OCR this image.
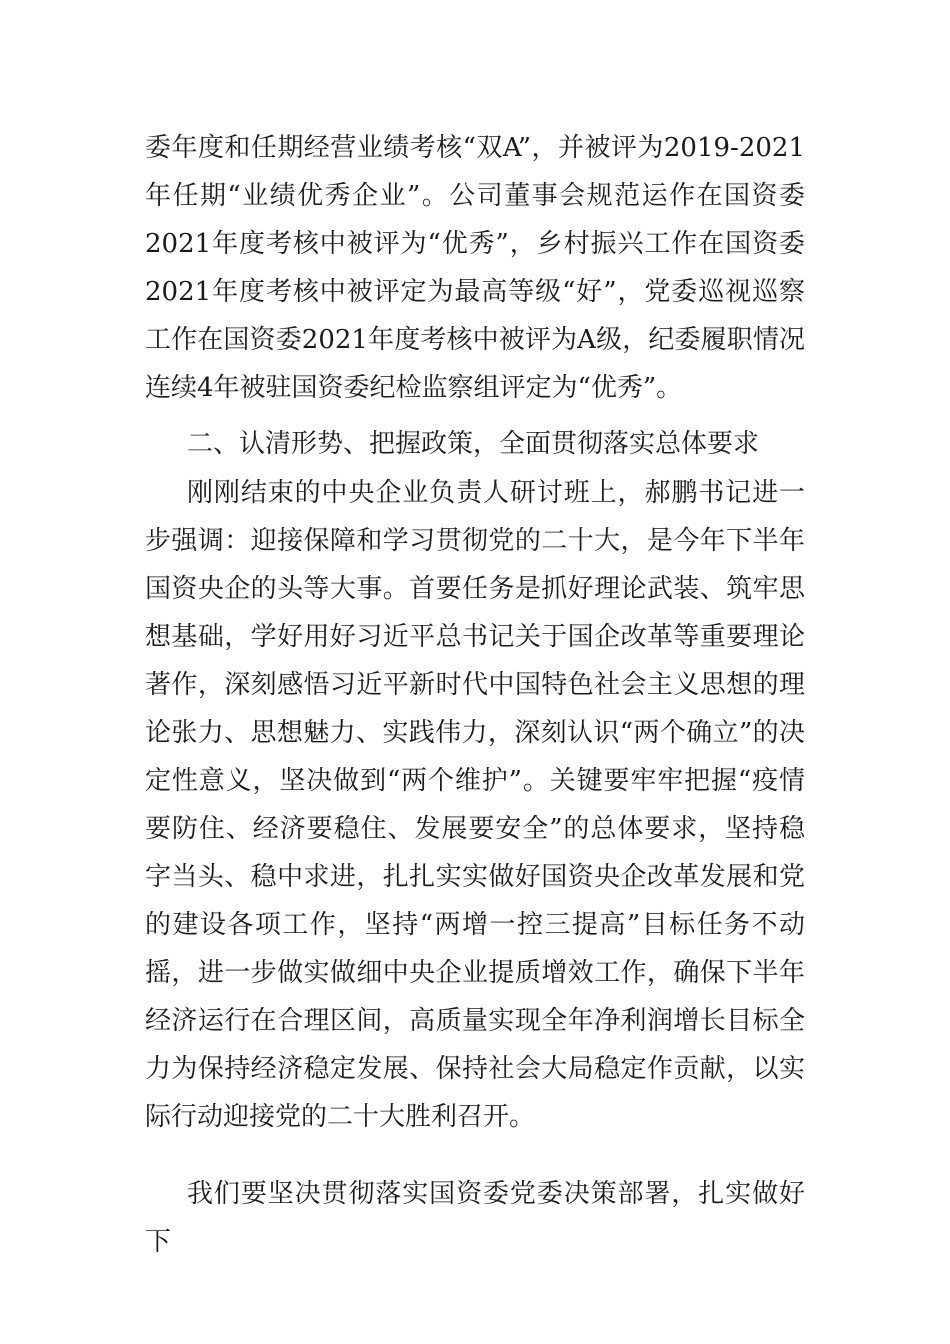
委年度和任期经营业绩考核“双A”，并被评为2019-2021年任期“业绩优秀企业”。公司董事会规范运作在国资委2021年度考核中被评为“优秀”，乡村振兴工作在国资委2021年度考核中被评定为最高等级“好”，党委巡视巡察工作在国资委2021年度考核中被评为A级，纪委履职情况连续4年被驻国资委纪检监察组评定为“优秀”。

二、认清形势、把握政策，全面贯彻落实总体要求

刚刚结束的中央企业负责人研讨班上，郝鹏书记进一步强调：迎接保障和学习贯彻党的二十大，是今年下半年国资央企的头等大事。首要任务是抓好理论武装、筑牢思想基础，学好用好习近平总书记关于国企改革等重要理论著作，深刻感悟习近平新时代中国特色社会主义思想的理论张力、思想魅力、实践伟力，深刻认识“两个确立”的决定性意义，坚决做到“两个维护”。关键要牢牢把握“疫情要防住、经济要稳住、发展要安全”的总体要求，坚持稳字当头、稳中求进，扎扎实实做好国资央企改革发展和党的建设各项工作，坚持“两增一控三提高”目标任务不动摇，进一步做实做细中央企业提质增效工作，确保下半年经济运行在合理区间，高质量实现全年净利润增长目标全力为保持经济稳定发展、保持社会大局稳定作贡献，以实际行动迎接党的二十大胜利召开。

我们要坚决贯彻落实国资委党委决策部署，扎实做好下
